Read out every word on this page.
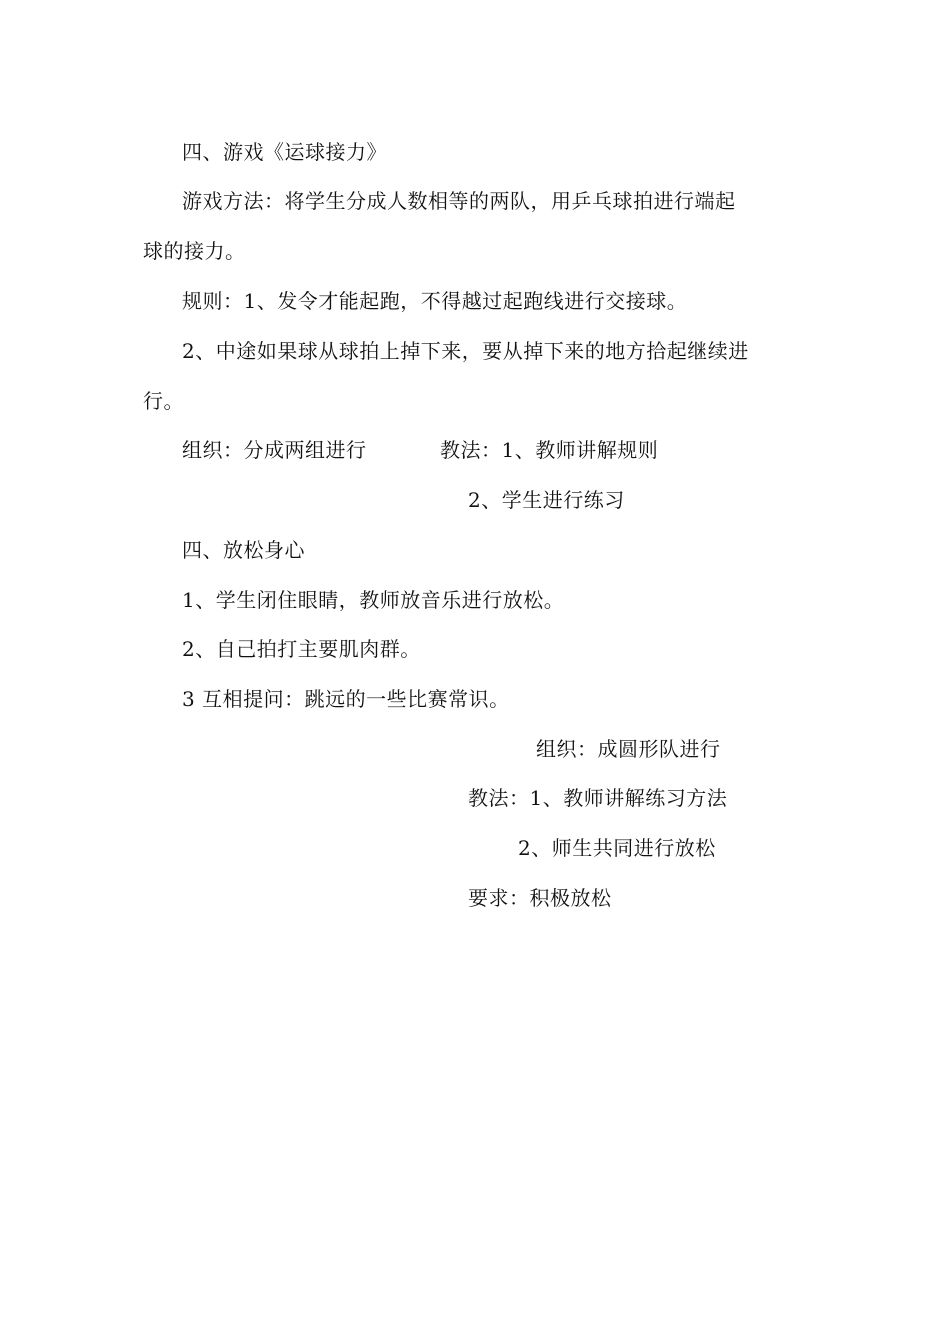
四、游戏《运球接力》
游戏方法：将学生分成人数相等的两队，用乒乓球拍进行端起
球的接力。
规则：1、发令才能起跑，不得越过起跑线进行交接球。
2、中途如果球从球拍上掉下来，要从掉下来的地方拾起继续进
行。
组织：分成两组进行	教法：1、教师讲解规则
2、学生进行练习
四、放松身心
1、学生闭住眼睛，教师放音乐进行放松。
2、自己拍打主要肌肉群。
3 互相提问：跳远的一些比赛常识。
组织：成圆形队进行
教法：1、教师讲解练习方法
2、师生共同进行放松
要求：积极放松
